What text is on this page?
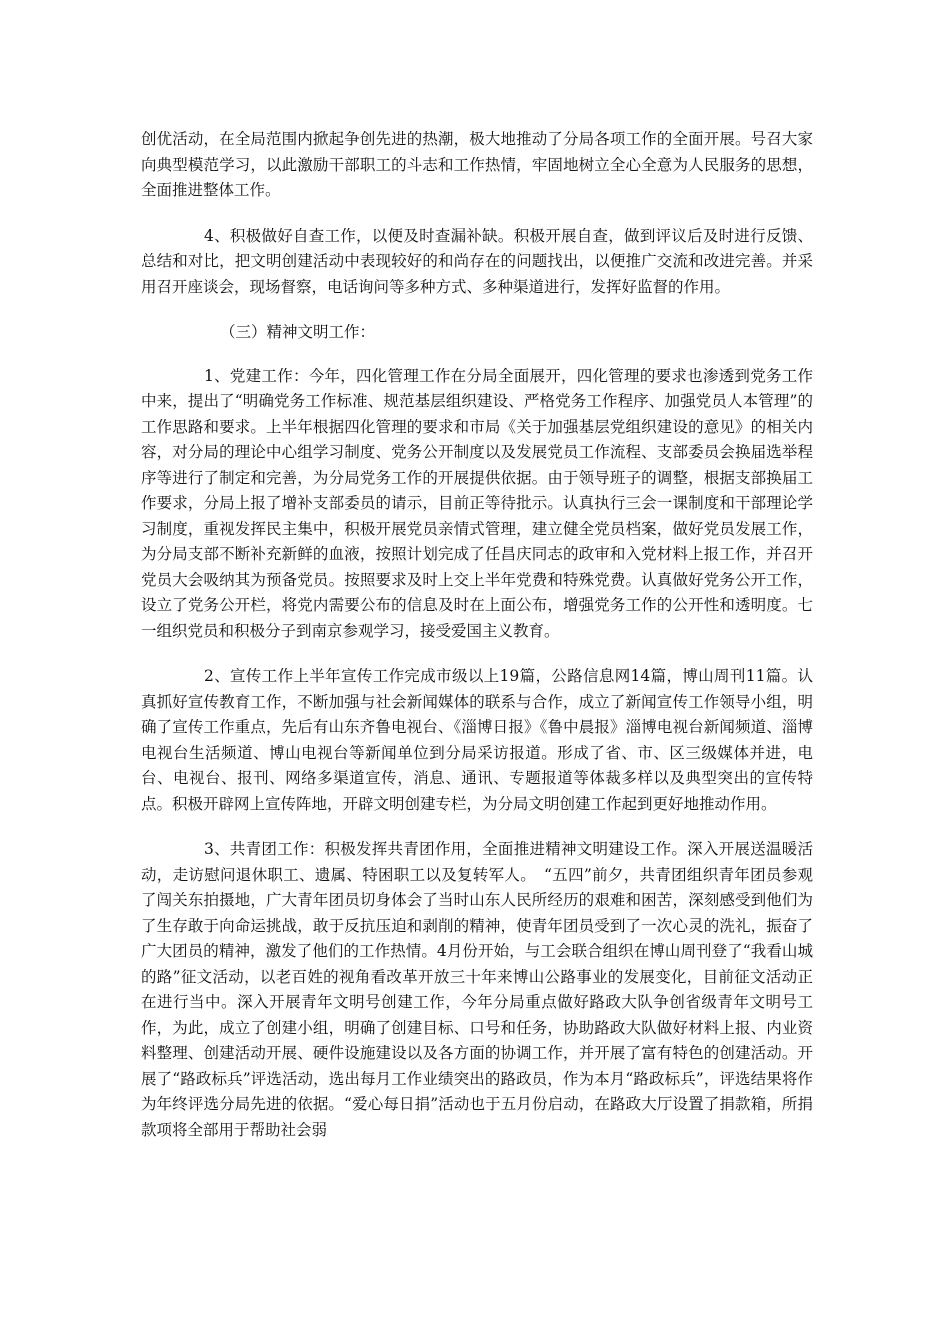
创优活动，在全局范围内掀起争创先进的热潮，极大地推动了分局各项工作的全面开展。号召大家向典型模范学习，以此激励干部职工的斗志和工作热情，牢固地树立全心全意为人民服务的思想，全面推进整体工作。

4、积极做好自查工作，以便及时查漏补缺。积极开展自查，做到评议后及时进行反馈、总结和对比，把文明创建活动中表现较好的和尚存在的问题找出，以便推广交流和改进完善。并采用召开座谈会，现场督察，电话询问等多种方式、多种渠道进行，发挥好监督的作用。

（三）精神文明工作：

1、党建工作：今年，四化管理工作在分局全面展开，四化管理的要求也渗透到党务工作中来，提出了“明确党务工作标准、规范基层组织建设、严格党务工作程序、加强党员人本管理”的工作思路和要求。上半年根据四化管理的要求和市局《关于加强基层党组织建设的意见》的相关内容，对分局的理论中心组学习制度、党务公开制度以及发展党员工作流程、支部委员会换届选举程序等进行了制定和完善，为分局党务工作的开展提供依据。由于领导班子的调整，根据支部换届工作要求，分局上报了增补支部委员的请示，目前正等待批示。认真执行三会一课制度和干部理论学习制度，重视发挥民主集中，积极开展党员亲情式管理，建立健全党员档案，做好党员发展工作，为分局支部不断补充新鲜的血液，按照计划完成了任昌庆同志的政审和入党材料上报工作，并召开党员大会吸纳其为预备党员。按照要求及时上交上半年党费和特殊党费。认真做好党务公开工作，设立了党务公开栏，将党内需要公布的信息及时在上面公布，增强党务工作的公开性和透明度。七一组织党员和积极分子到南京参观学习，接受爱国主义教育。

2、宣传工作上半年宣传工作完成市级以上19篇，公路信息网14篇，博山周刊11篇。认真抓好宣传教育工作，不断加强与社会新闻媒体的联系与合作，成立了新闻宣传工作领导小组，明确了宣传工作重点，先后有山东齐鲁电视台、《淄博日报》《鲁中晨报》淄博电视台新闻频道、淄博电视台生活频道、博山电视台等新闻单位到分局采访报道。形成了省、市、区三级媒体并进，电台、电视台、报刊、网络多渠道宣传，消息、通讯、专题报道等体裁多样以及典型突出的宣传特点。积极开辟网上宣传阵地，开辟文明创建专栏，为分局文明创建工作起到更好地推动作用。

3、共青团工作：积极发挥共青团作用，全面推进精神文明建设工作。深入开展送温暖活动，走访慰问退休职工、遗属、特困职工以及复转军人。　“五四”前夕，共青团组织青年团员参观了闯关东拍摄地，广大青年团员切身体会了当时山东人民所经历的艰难和困苦，深刻感受到他们为了生存敢于向命运挑战，敢于反抗压迫和剥削的精神，使青年团员受到了一次心灵的洗礼，振奋了广大团员的精神，激发了他们的工作热情。4月份开始，与工会联合组织在博山周刊登了“我看山城的路”征文活动，以老百姓的视角看改革开放三十年来博山公路事业的发展变化，目前征文活动正在进行当中。深入开展青年文明号创建工作，今年分局重点做好路政大队争创省级青年文明号工作，为此，成立了创建小组，明确了创建目标、口号和任务，协助路政大队做好材料上报、内业资料整理、创建活动开展、硬件设施建设以及各方面的协调工作，并开展了富有特色的创建活动。开展了“路政标兵”评选活动，选出每月工作业绩突出的路政员，作为本月“路政标兵”，评选结果将作为年终评选分局先进的依据。“爱心每日捐”活动也于五月份启动，在路政大厅设置了捐款箱，所捐款项将全部用于帮助社会弱
